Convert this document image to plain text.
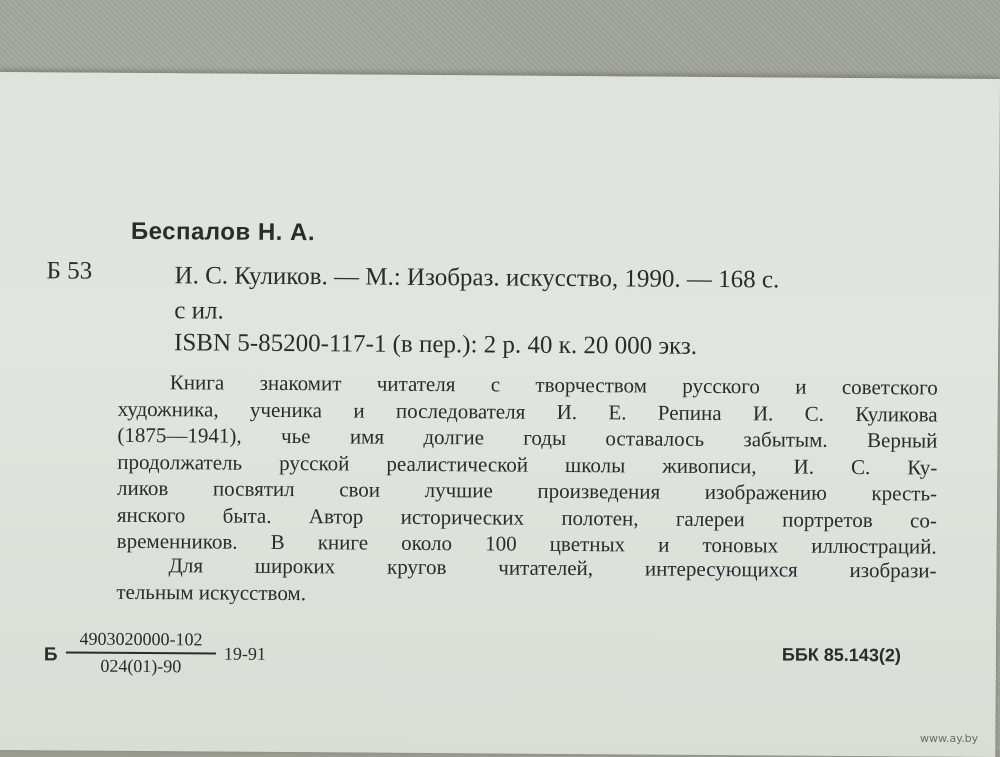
Беспалов Н. А.
Б 53	И. С. Куликов. — М.: Изобраз. искусство, 1990. — 168 с.
с ил.
ISBN 5-85200-117-1 (в пер.): 2 р. 40 к. 20 000 экз.
Книга знакомит читателя с творчеством русского и советского
художника, ученика и последователя И. Е. Репина И. С. Куликова
(1875—1941), чье имя долгие годы оставалось забытым. Верный
продолжатель русской реалистической школы живописи, И. С. Ку-
ликов посвятил свои лучшие произведения изображению кресть-
янского быта. Автор исторических полотен, галереи портретов со-
временников. В книге около 100 цветных и тоновых иллюстраций.
Для широких кругов читателей, интересующихся изобрази-
тельным искусством.
Б
4903020000-102
024(01)-90
19-91	ББК 85.143(2)
www.ay.by
